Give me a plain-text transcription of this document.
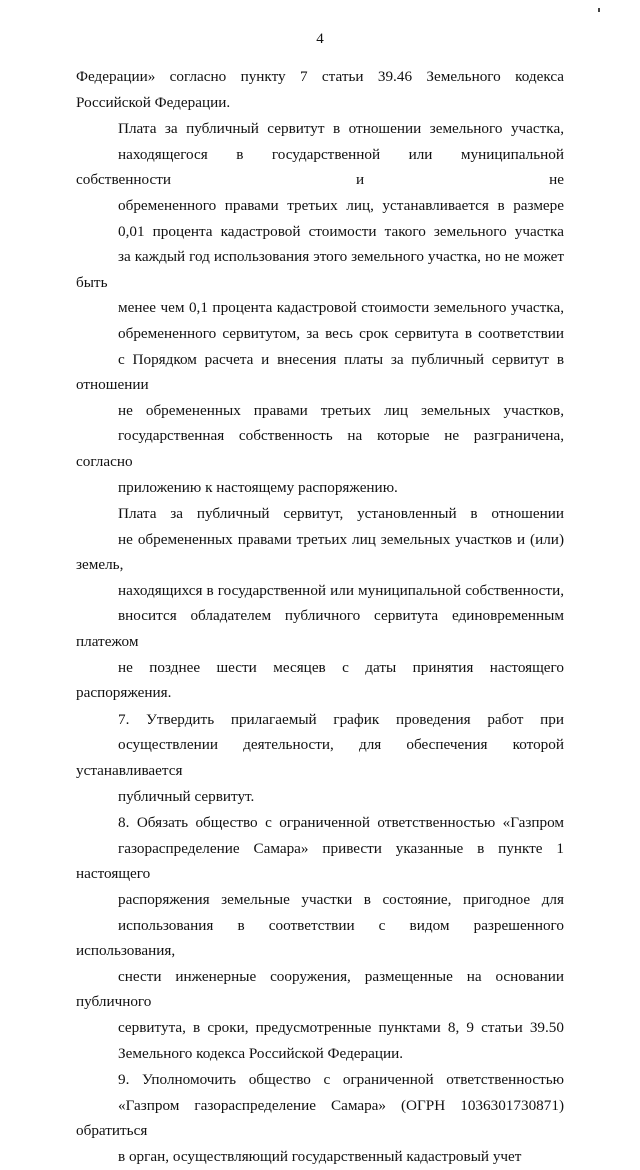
4
Федерации» согласно пункту 7 статьи 39.46 Земельного кодекса
Российской Федерации.
Плата за публичный сервитут в отношении земельного участка,
находящегося в государственной или муниципальной собственности и не
обремененного правами третьих лиц, устанавливается в размере
0,01 процента кадастровой стоимости такого земельного участка
за каждый год использования этого земельного участка, но не может быть
менее чем 0,1 процента кадастровой стоимости земельного участка,
обремененного сервитутом, за весь срок сервитута в соответствии
с Порядком расчета и внесения платы за публичный сервитут в отношении
не обремененных правами третьих лиц земельных участков,
государственная собственность на которые не разграничена, согласно
приложению к настоящему распоряжению.
Плата за публичный сервитут, установленный в отношении
не обремененных правами третьих лиц земельных участков и (или) земель,
находящихся в государственной или муниципальной собственности,
вносится обладателем публичного сервитута единовременным платежом
не позднее шести месяцев с даты принятия настоящего распоряжения.
7. Утвердить прилагаемый график проведения работ при
осуществлении деятельности, для обеспечения которой устанавливается
публичный сервитут.
8. Обязать общество с ограниченной ответственностью «Газпром
газораспределение Самара» привести указанные в пункте 1 настоящего
распоряжения земельные участки в состояние, пригодное для
использования в соответствии с видом разрешенного использования,
снести инженерные сооружения, размещенные на основании публичного
сервитута, в сроки, предусмотренные пунктами 8, 9 статьи 39.50
Земельного кодекса Российской Федерации.
9. Уполномочить общество с ограниченной ответственностью
«Газпром газораспределение Самара» (ОГРН 1036301730871) обратиться
в орган, осуществляющий государственный кадастровый учет
